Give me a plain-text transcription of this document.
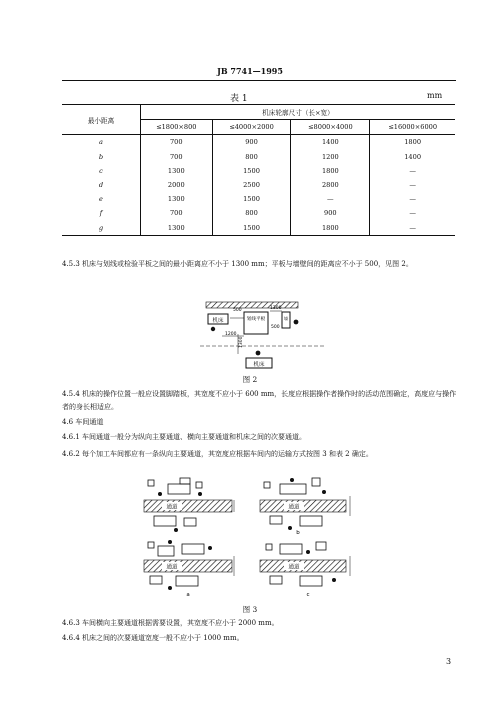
JB 7741—1995
表 1	mm
最小距离	机床轮廓尺寸（长×宽）			
	≤1800×800	≤4000×2000	≤8000×4000	≤16000×6000
a	700	900	1400	1800
b	700	800	1200	1400
c	1300	1500	1800	—
d	2000	2500	2800	—
e	1300	1500	—	—
f	700	800	900	—
g	1300	1500	1800	—
4.5.3 机床与划线或检验平板之间的最小距离应不小于 1300 mm；平板与墙壁间的距离应不小于 500，见图 2。
机床	划线平板	墙
500	1300
500
1200
1300
机床
图 2
4.5.4 机床的操作位置一般应设置脚踏板，其宽度不应小于 600 mm，长度应根据操作者操作时的活动范围确定，高度应与操作者的身长相适应。
4.6 车间通道
4.6.1 车间通道一般分为纵向主要通道、横向主要通道和机床之间的次要通道。
4.6.2 每个加工车间都应有一条纵向主要通道，其宽度应根据车间内的运输方式按图 3 和表 2 确定。
通道	通道
b
通道
a
通道
c
图 3
4.6.3 车间横向主要通道根据需要设置，其宽度不应小于 2000 mm。
4.6.4 机床之间的次要通道宽度一般不应小于 1000 mm。
3
